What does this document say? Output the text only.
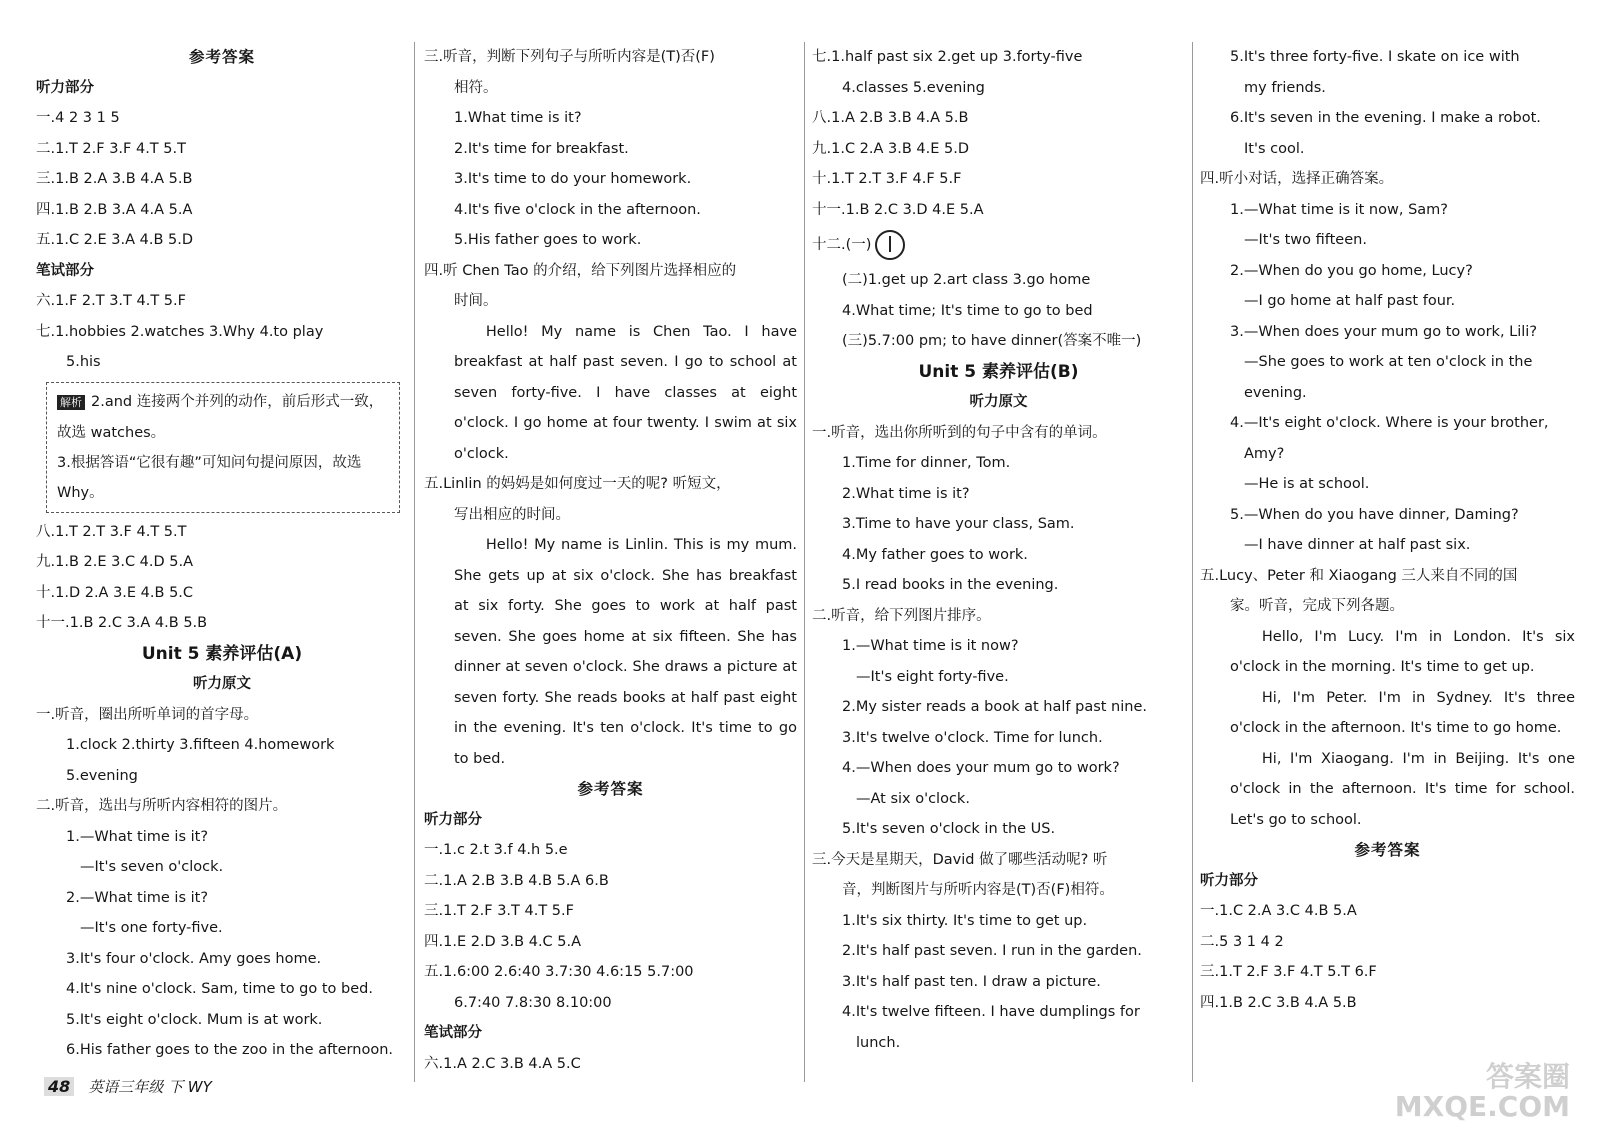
参考答案
听力部分
一.4 2 3 1 5
二.1.T 2.F 3.F 4.T 5.T
三.1.B 2.A 3.B 4.A 5.B
四.1.B 2.B 3.A 4.A 5.A
五.1.C 2.E 3.A 4.B 5.D
笔试部分
六.1.F 2.T 3.T 4.T 5.F
七.1.hobbies 2.watches 3.Why 4.to play
5.his
解析 2.and 连接两个并列的动作，前后形式一致，故选 watches。
3.根据答语“它很有趣”可知问句提问原因，故选 Why。
八.1.T 2.T 3.F 4.T 5.T
九.1.B 2.E 3.C 4.D 5.A
十.1.D 2.A 3.E 4.B 5.C
十一.1.B 2.C 3.A 4.B 5.B
Unit 5 素养评估(A)
听力原文
一.听音，圈出所听单词的首字母。
1.clock 2.thirty 3.fifteen 4.homework
5.evening
二.听音，选出与所听内容相符的图片。
1.—What time is it?
—It's seven o'clock.
2.—What time is it?
—It's one forty-five.
3.It's four o'clock. Amy goes home.
4.It's nine o'clock. Sam, time to go to bed.
5.It's eight o'clock. Mum is at work.
6.His father goes to the zoo in the afternoon.
三.听音，判断下列句子与所听内容是(T)否(F)
相符。
1.What time is it?
2.It's time for breakfast.
3.It's time to do your homework.
4.It's five o'clock in the afternoon.
5.His father goes to work.
四.听 Chen Tao 的介绍，给下列图片选择相应的
时间。
Hello! My name is Chen Tao. I have breakfast at half past seven. I go to school at seven forty-five. I have classes at eight o'clock. I go home at four twenty. I swim at six o'clock.
五.Linlin 的妈妈是如何度过一天的呢? 听短文，
写出相应的时间。
Hello! My name is Linlin. This is my mum. She gets up at six o'clock. She has breakfast at six forty. She goes to work at half past seven. She goes home at six fifteen. She has dinner at seven o'clock. She draws a picture at seven forty. She reads books at half past eight in the evening. It's ten o'clock. It's time to go to bed.
参考答案
听力部分
一.1.c 2.t 3.f 4.h 5.e
二.1.A 2.B 3.B 4.B 5.A 6.B
三.1.T 2.F 3.T 4.T 5.F
四.1.E 2.D 3.B 4.C 5.A
五.1.6:00 2.6:40 3.7:30 4.6:15 5.7:00
6.7:40 7.8:30 8.10:00
笔试部分
六.1.A 2.C 3.B 4.A 5.C
七.1.half past six 2.get up 3.forty-five
4.classes 5.evening
八.1.A 2.B 3.B 4.A 5.B
九.1.C 2.A 3.B 4.E 5.D
十.1.T 2.T 3.F 4.F 5.F
十一.1.B 2.C 3.D 4.E 5.A
十二.(一)
(二)1.get up 2.art class 3.go home
4.What time; It's time to go to bed
(三)5.7:00 pm; to have dinner(答案不唯一)
Unit 5 素养评估(B)
听力原文
一.听音，选出你所听到的句子中含有的单词。
1.Time for dinner, Tom.
2.What time is it?
3.Time to have your class, Sam.
4.My father goes to work.
5.I read books in the evening.
二.听音，给下列图片排序。
1.—What time is it now?
—It's eight forty-five.
2.My sister reads a book at half past nine.
3.It's twelve o'clock. Time for lunch.
4.—When does your mum go to work?
—At six o'clock.
5.It's seven o'clock in the US.
三.今天是星期天，David 做了哪些活动呢? 听
音，判断图片与所听内容是(T)否(F)相符。
1.It's six thirty. It's time to get up.
2.It's half past seven. I run in the garden.
3.It's half past ten. I draw a picture.
4.It's twelve fifteen. I have dumplings for
lunch.
5.It's three forty-five. I skate on ice with
my friends.
6.It's seven in the evening. I make a robot.
It's cool.
四.听小对话，选择正确答案。
1.—What time is it now, Sam?
—It's two fifteen.
2.—When do you go home, Lucy?
—I go home at half past four.
3.—When does your mum go to work, Lili?
—She goes to work at ten o'clock in the
evening.
4.—It's eight o'clock. Where is your brother,
Amy?
—He is at school.
5.—When do you have dinner, Daming?
—I have dinner at half past six.
五.Lucy、Peter 和 Xiaogang 三人来自不同的国
家。听音，完成下列各题。
Hello, I'm Lucy. I'm in London. It's six o'clock in the morning. It's time to get up.
Hi, I'm Peter. I'm in Sydney. It's three o'clock in the afternoon. It's time to go home.
Hi, I'm Xiaogang. I'm in Beijing. It's one o'clock in the afternoon. It's time for school. Let's go to school.
参考答案
听力部分
一.1.C 2.A 3.C 4.B 5.A
二.5 3 1 4 2
三.1.T 2.F 3.F 4.T 5.T 6.F
四.1.B 2.C 3.B 4.A 5.B
48 英语三年级 下 WY	答案圈
MXQE.COM
